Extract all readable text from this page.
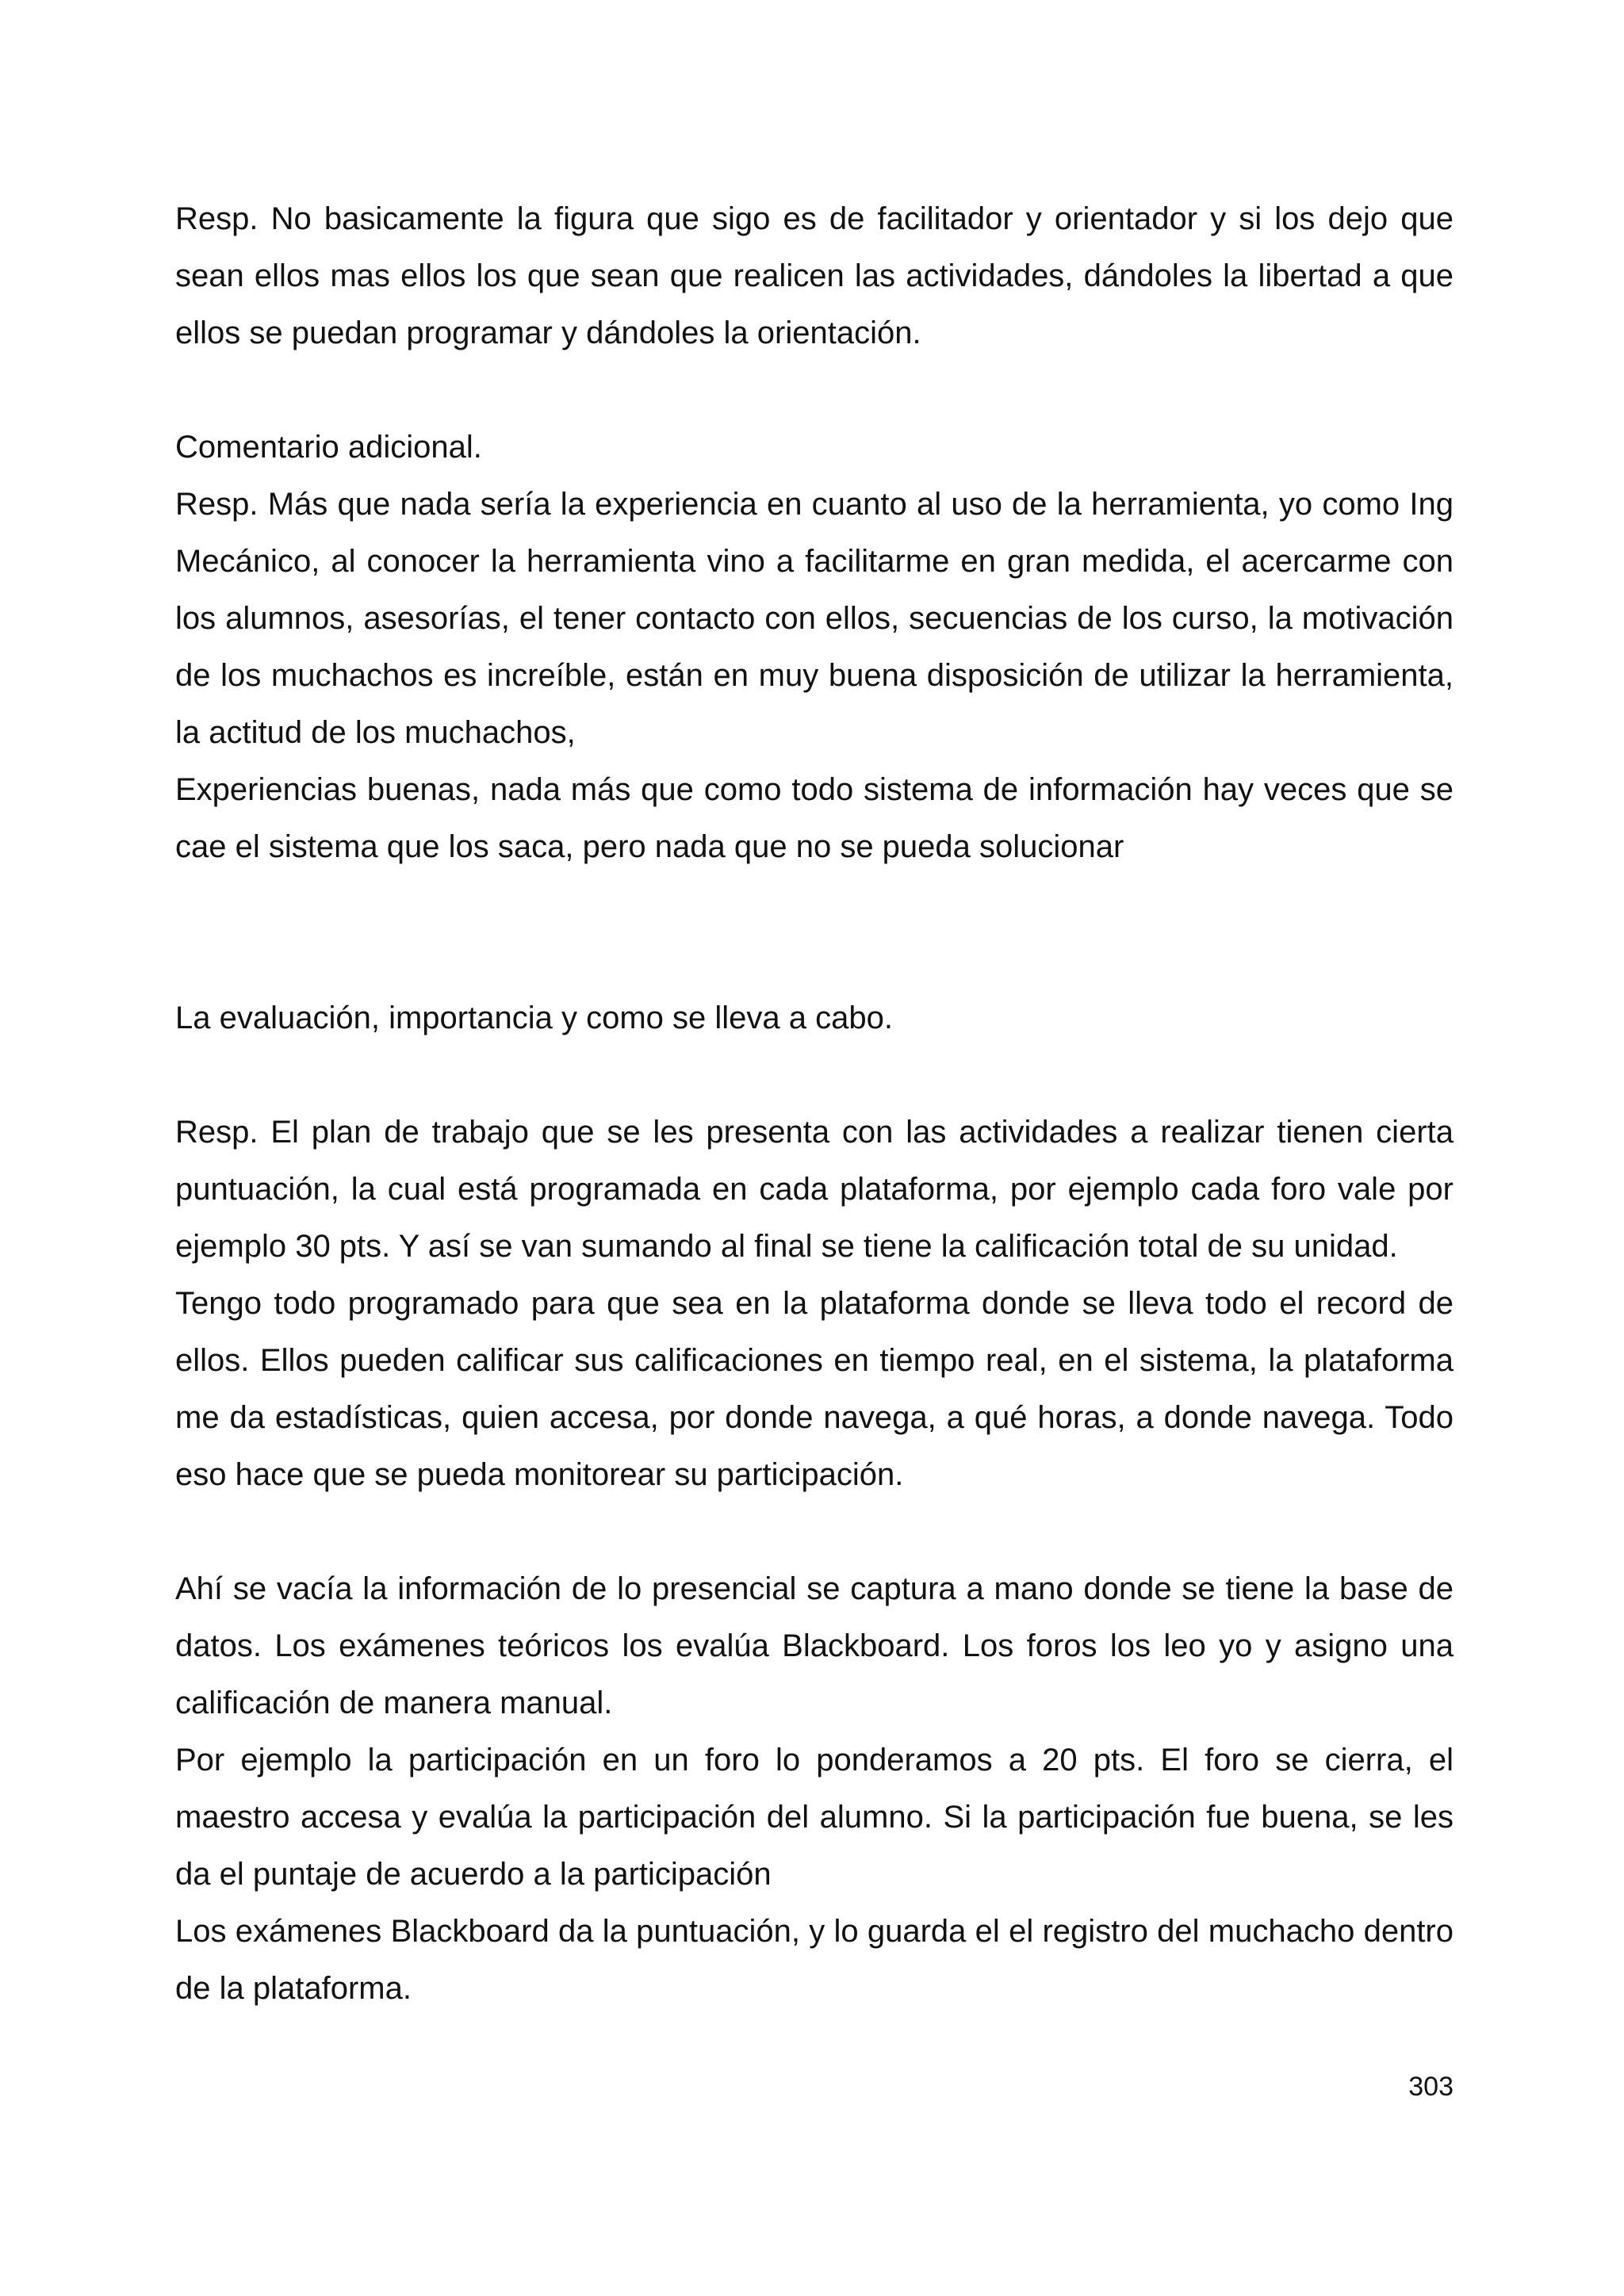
Resp. No basicamente la figura que sigo es de facilitador y orientador y si los dejo que sean ellos mas ellos los que sean que realicen las actividades, dándoles la libertad a que ellos se puedan programar y dándoles la orientación.

Comentario adicional.

Resp. Más que nada sería la experiencia en cuanto al uso de la herramienta, yo como Ing Mecánico, al conocer la herramienta vino a facilitarme en gran medida, el acercarme con los alumnos, asesorías, el tener contacto con ellos, secuencias de los curso, la motivación de los muchachos es increíble, están en muy buena disposición de utilizar la herramienta, la actitud de los muchachos,

Experiencias buenas, nada más que como todo sistema de información hay veces que se cae el sistema que los saca, pero nada que no se pueda solucionar

La evaluación, importancia y como se lleva a cabo.

Resp. El plan de trabajo que se les presenta con las actividades a realizar tienen cierta puntuación, la cual está programada en cada plataforma, por ejemplo cada foro vale por ejemplo 30 pts. Y así se van sumando al final se tiene la calificación total de su unidad.

Tengo todo programado para que sea en la plataforma donde se lleva todo el record de ellos. Ellos pueden calificar sus calificaciones en tiempo real, en el sistema, la plataforma me da estadísticas, quien accesa, por donde navega, a qué horas, a donde navega. Todo eso hace que se pueda monitorear su participación.

Ahí se vacía la información de lo presencial se captura a mano donde se tiene la base de datos. Los exámenes teóricos los evalúa Blackboard. Los foros los leo yo y asigno una calificación de manera manual.

Por ejemplo la participación en un foro lo ponderamos a 20 pts. El foro se cierra, el maestro accesa y evalúa la participación del alumno. Si la participación fue buena, se les da el puntaje de acuerdo a la participación

Los exámenes Blackboard da la puntuación, y lo guarda el el registro del muchacho dentro de la plataforma.

303
